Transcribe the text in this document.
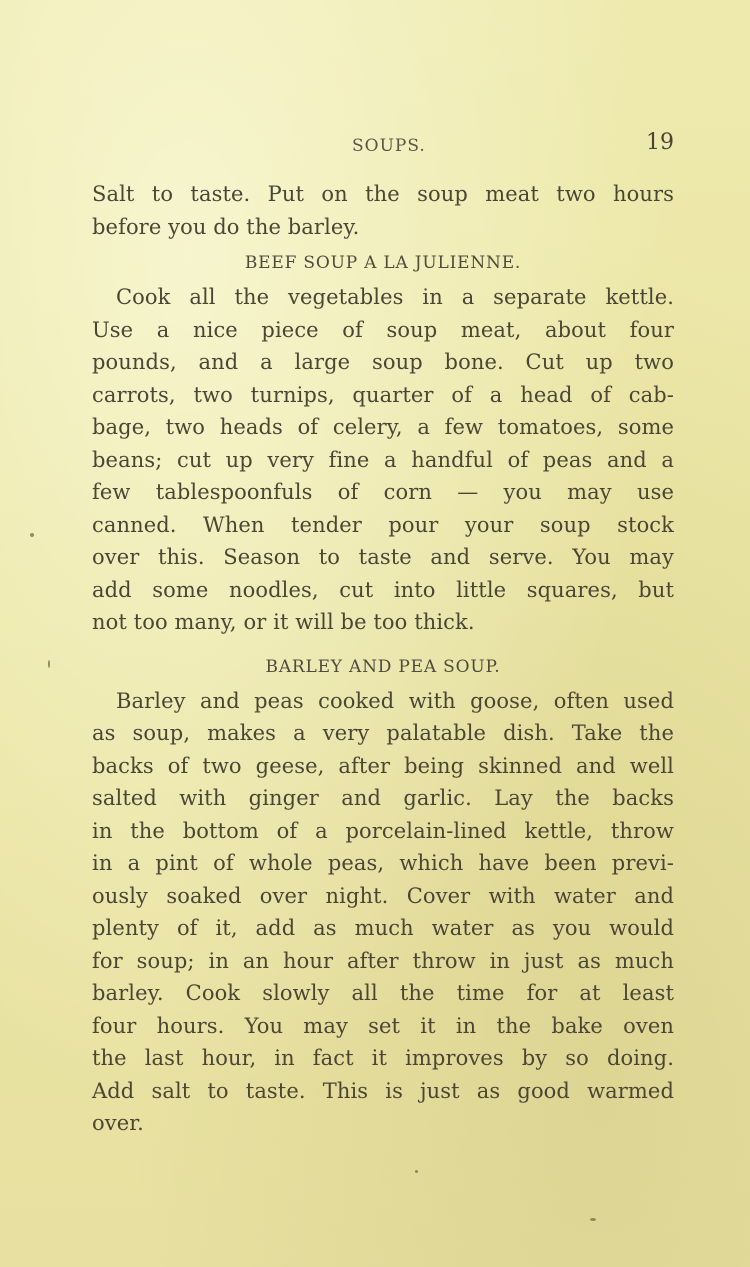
SOUPS.	19
Salt to taste. Put on the soup meat two hours
before you do the barley.
BEEF SOUP A LA JULIENNE.
Cook all the vegetables in a separate kettle.
Use a nice piece of soup meat, about four
pounds, and a large soup bone. Cut up two
carrots, two turnips, quarter of a head of cab-
bage, two heads of celery, a few tomatoes, some
beans; cut up very fine a handful of peas and a
few tablespoonfuls of corn — you may use
canned. When tender pour your soup stock
over this. Season to taste and serve. You may
add some noodles, cut into little squares, but
not too many, or it will be too thick.
BARLEY AND PEA SOUP.
Barley and peas cooked with goose, often used
as soup, makes a very palatable dish. Take the
backs of two geese, after being skinned and well
salted with ginger and garlic. Lay the backs
in the bottom of a porcelain-lined kettle, throw
in a pint of whole peas, which have been previ-
ously soaked over night. Cover with water and
plenty of it, add as much water as you would
for soup; in an hour after throw in just as much
barley. Cook slowly all the time for at least
four hours. You may set it in the bake oven
the last hour, in fact it improves by so doing.
Add salt to taste. This is just as good warmed
over.
